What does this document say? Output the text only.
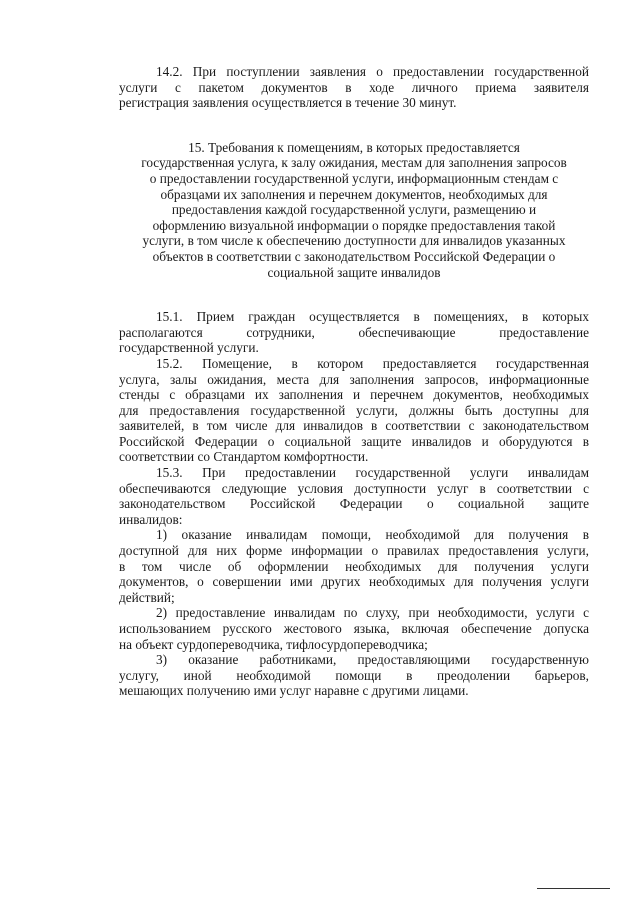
14.2. При поступлении заявления о предоставлении государственной
услуги с пакетом документов в ходе личного приема заявителя
регистрация заявления осуществляется в течение 30 минут.
15. Требования к помещениям, в которых предоставляется
государственная услуга, к залу ожидания, местам для заполнения запросов
о предоставлении государственной услуги, информационным стендам с
образцами их заполнения и перечнем документов, необходимых для
предоставления каждой государственной услуги, размещению и
оформлению визуальной информации о порядке предоставления такой
услуги, в том числе к обеспечению доступности для инвалидов указанных
объектов в соответствии с законодательством Российской Федерации о
социальной защите инвалидов
15.1. Прием граждан осуществляется в помещениях, в которых
располагаются сотрудники, обеспечивающие предоставление
государственной услуги.
15.2. Помещение, в котором предоставляется государственная
услуга, залы ожидания, места для заполнения запросов, информационные
стенды с образцами их заполнения и перечнем документов, необходимых
для предоставления государственной услуги, должны быть доступны для
заявителей, в том числе для инвалидов в соответствии с законодательством
Российской Федерации о социальной защите инвалидов и оборудуются в
соответствии со Стандартом комфортности.
15.3. При предоставлении государственной услуги инвалидам
обеспечиваются следующие условия доступности услуг в соответствии с
законодательством Российской Федерации о социальной защите
инвалидов:
1) оказание инвалидам помощи, необходимой для получения в
доступной для них форме информации о правилах предоставления услуги,
в том числе об оформлении необходимых для получения услуги
документов, о совершении ими других необходимых для получения услуги
действий;
2) предоставление инвалидам по слуху, при необходимости, услуги с
использованием русского жестового языка, включая обеспечение допуска
на объект сурдопереводчика, тифлосурдопереводчика;
3) оказание работниками, предоставляющими государственную
услугу, иной необходимой помощи в преодолении барьеров,
мешающих получению ими услуг наравне с другими лицами.
